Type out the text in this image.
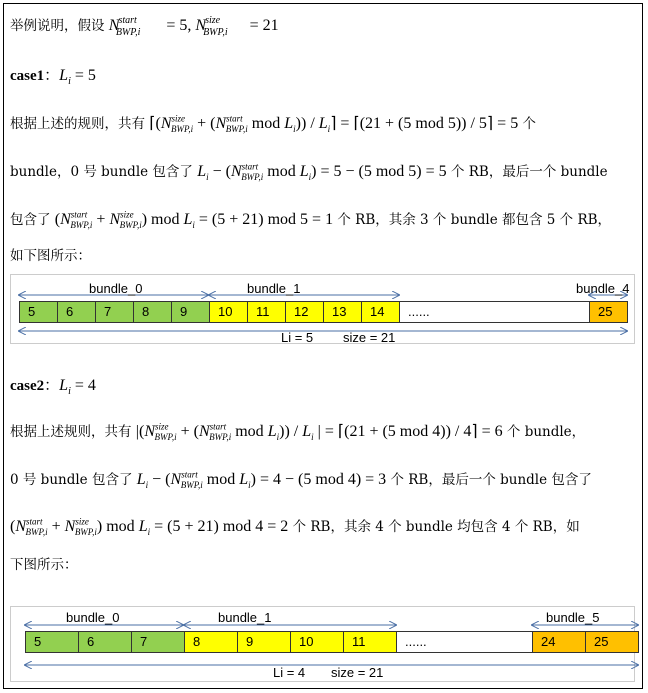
举例说明，假设 $N^{start}_{BWP,i} = 5$, $N^{size}_{BWP,i} = 21$
case1：$L_i = 5$
根据上述的规则，共有 $⌈(N^{size}_{BWP,i} + (N^{start}_{BWP,i}$ mod $L_i$)) / $L_i⌉$ = ⌈(21 + (5 mod 5)) / 5⌉ = 5 个
bundle，0 号 bundle 包含了 $L_i - (N^{start}_{BWP,i}$ mod $L_i) = 5 - (5$ mod 5) = 5 个 RB，最后一个 bundle
包含了 $(N^{start}_{BWP,i} + N^{size}_{BWP,i})$ mod $L_i = (5 + 21)$ mod 5 = 1 个 RB，其余 3 个 bundle 都包含 5 个 RB，
如下图所示：
bundle_0	bundle_1	bundle_4
5	6	7	8	9	10	11	12	13	14	......	25
Li = 5 size = 21
case2：$L_i = 4$
根据上述规则，共有 $|(N^{size}_{BWP,i} + (N^{start}_{BWP,i}$ mod $L_i)) / L_i$ | = ⌈(21 + (5 mod 4)) / 4⌉ = 6 个 bundle，
0 号 bundle 包含了 $L_i - (N^{start}_{BWP,i}$ mod $L_i) = 4 - (5$ mod 4) = 3 个 RB，最后一个 bundle 包含了
$(N^{start}_{BWP,i} + N^{size}_{BWP,i})$ mod $L_i = (5 + 21)$ mod 4 = 2 个 RB，其余 4 个 bundle 均包含 4 个 RB，如
下图所示：
bundle_0	bundle_1	bundle_5
5	6	7	8	9	10	11	......	24	25
Li = 4 size = 21
